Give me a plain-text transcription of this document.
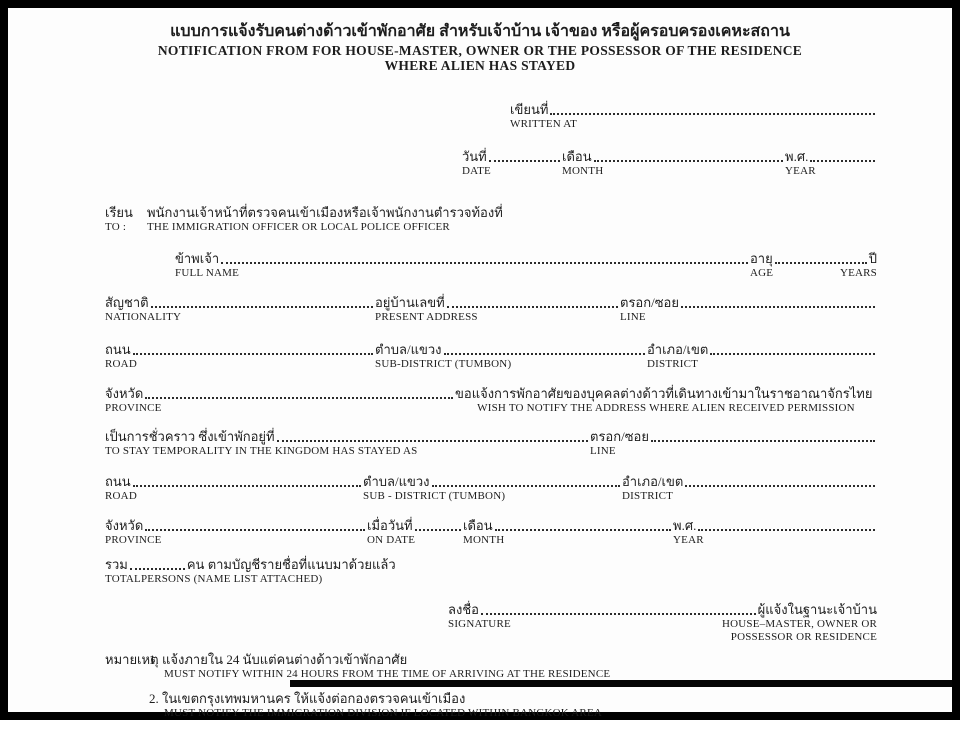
แบบการแจ้งรับคนต่างด้าวเข้าพักอาศัย สำหรับเจ้าบ้าน เจ้าของ หรือผู้ครอบครองเคหะสถาน
NOTIFICATION FROM FOR HOUSE-MASTER, OWNER OR THE POSSESSOR OF THE RESIDENCE
WHERE ALIEN HAS STAYED
เขียนที่
WRITTEN AT
วันที่
DATE
เดือน
MONTH
พ.ศ.
YEAR
เรียน	พนักงานเจ้าหน้าที่ตรวจคนเข้าเมืองหรือเจ้าพนักงานตำรวจท้องที่
TO :	THE IMMIGRATION OFFICER OR LOCAL POLICE OFFICER
ข้าพเจ้า
FULL NAME
อายุ	ปี
AGE	YEARS
สัญชาติ
NATIONALITY
อยู่บ้านเลขที่
PRESENT ADDRESS
ตรอก/ซอย
LINE
ถนน
ROAD
ตำบล/แขวง
SUB-DISTRICT (TUMBON)
อำเภอ/เขต
DISTRICT
จังหวัด
PROVINCE
ขอแจ้งการพักอาศัยของบุคคลต่างด้าวที่เดินทางเข้ามาในราชอาณาจักรไทย
WISH TO NOTIFY THE ADDRESS WHERE ALIEN RECEIVED PERMISSION
เป็นการชั่วคราว ซึ่งเข้าพักอยู่ที่
TO STAY TEMPORALITY IN THE KINGDOM HAS STAYED AS
ตรอก/ซอย
LINE
ถนน
ROAD
ตำบล/แขวง
SUB - DISTRICT (TUMBON)
อำเภอ/เขต
DISTRICT
จังหวัด
PROVINCE
เมื่อวันที่
ON DATE
เดือน
MONTH
พ.ศ.
YEAR
รวม	คน ตามบัญชีรายชื่อที่แนบมาด้วยแล้ว
TOTALPERSONS (NAME LIST ATTACHED)
ลงชื่อ	ผู้แจ้งในฐานะเจ้าบ้าน
SIGNATURE	HOUSE–MASTER, OWNER OR
POSSESSOR OR RESIDENCE
หมายเหตุ
1. แจ้งภายใน 24 นับแต่คนต่างด้าวเข้าพักอาศัย
MUST NOTIFY WITHIN 24 HOURS FROM THE TIME OF ARRIVING AT THE RESIDENCE
2. ในเขตกรุงเทพมหานคร ให้แจ้งต่อกองตรวจคนเข้าเมือง
MUST NOTIFY THE IMMIGRATION DIVISION IF LOCATED WITHIN BANGKOK AREA
